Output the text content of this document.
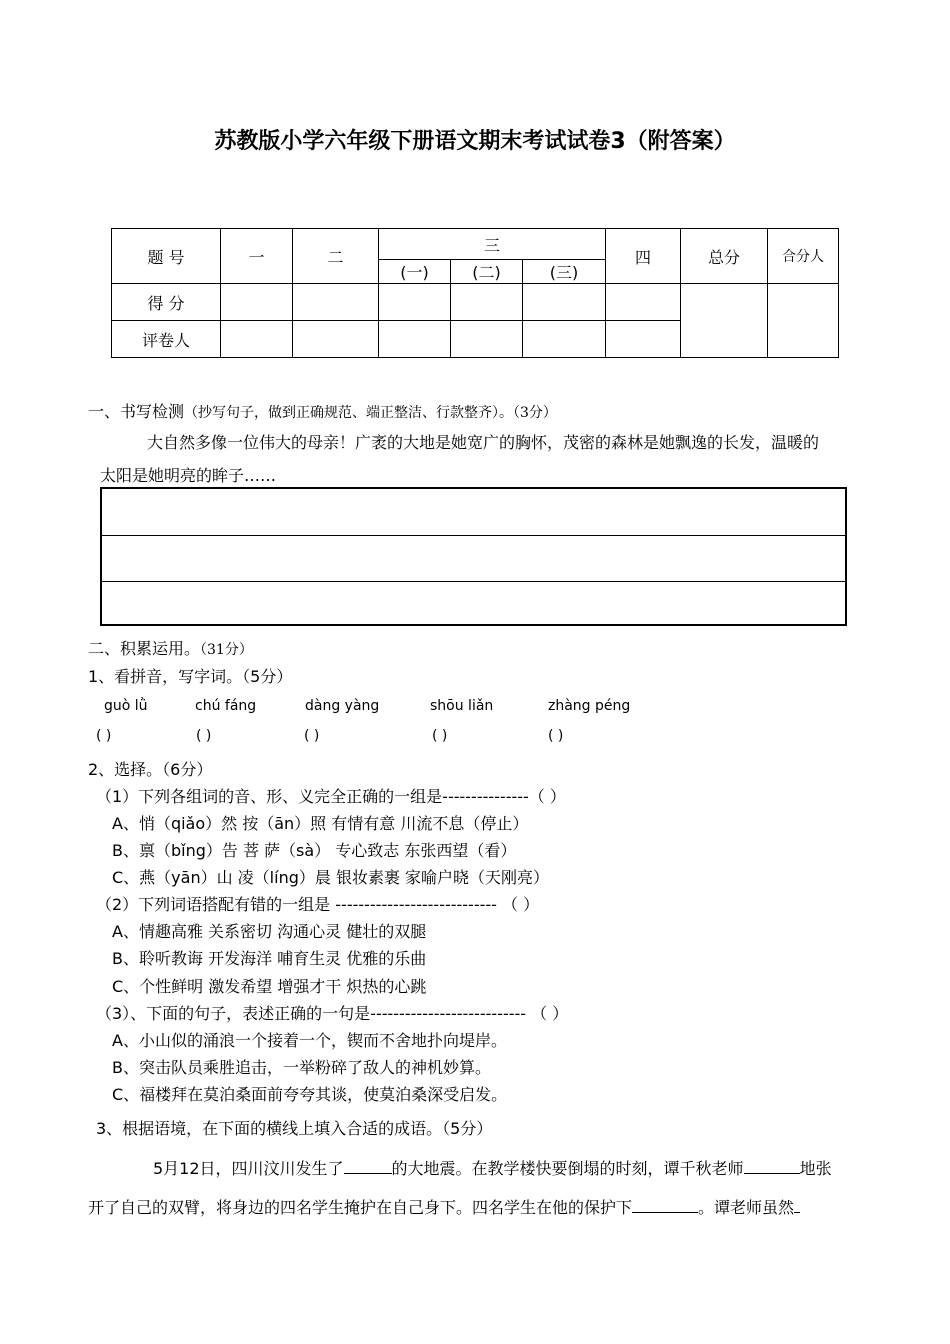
苏教版小学六年级下册语文期末考试试卷3（附答案）
题 号	一	二	三			四	总分	合分人
			(一)	(二)	(三)			
得 分								
评卷人								
一、书写检测（抄写句子，做到正确规范、端正整洁、行款整齐）。（3分）
大自然多像一位伟大的母亲！广袤的大地是她宽广的胸怀，茂密的森林是她飘逸的长发，温暖的
太阳是她明亮的眸子……
二、积累运用。（31分）
1、看拼音，写字词。（5分）
guò lǜ	chú fáng	dàng yàng	shōu liǎn	zhàng péng
( )	( )	( )	( )	( )
2、选择。（6分）
（1）下列各组词的音、形、义完全正确的一组是---------------（ ）
A、悄（qiǎo）然 按（ān）照 有情有意 川流不息（停止）
B、禀（bǐng）告 菩 萨（sà） 专心致志 东张西望（看）
C、燕（yān）山 凌（líng）晨 银妆素裹 家喻户晓（天刚亮）
（2）下列词语搭配有错的一组是 ---------------------------- （ ）
A、情趣高雅 关系密切 沟通心灵 健壮的双腿
B、聆听教诲 开发海洋 哺育生灵 优雅的乐曲
C、个性鲜明 激发希望 增强才干 炽热的心跳
（3）、下面的句子，表述正确的一句是--------------------------- （ ）
A、小山似的涌浪一个接着一个，锲而不舍地扑向堤岸。
B、突击队员乘胜追击，一举粉碎了敌人的神机妙算。
C、福楼拜在莫泊桑面前夸夸其谈，使莫泊桑深受启发。
3、根据语境，在下面的横线上填入合适的成语。（5分）
5月12日，四川汶川发生了	的大地震。在教学楼快要倒塌的时刻，谭千秋老师	地张
开了自己的双臂，将身边的四名学生掩护在自己身下。四名学生在他的保护下	。谭老师虽然
